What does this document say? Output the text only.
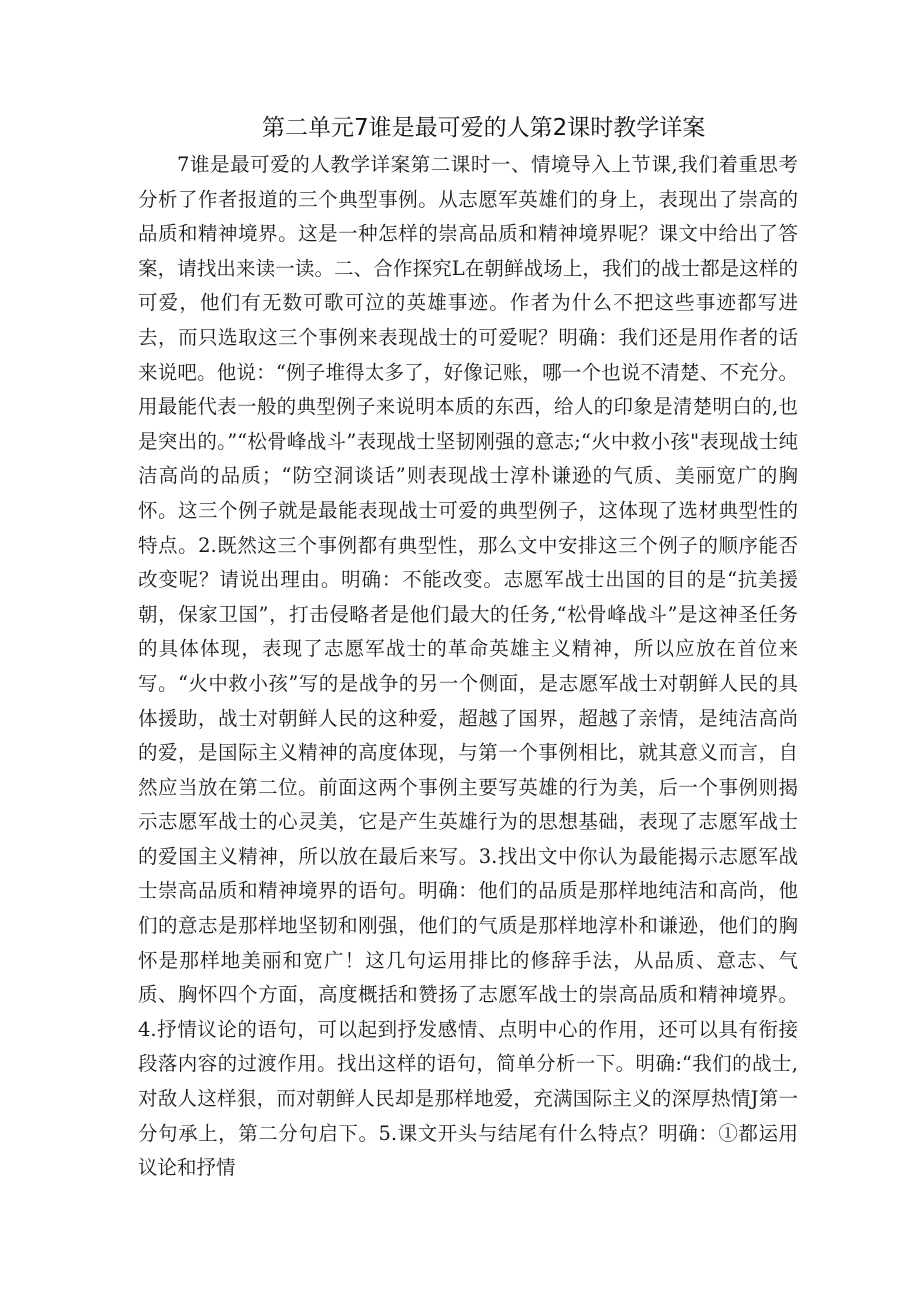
第二单元7谁是最可爱的人第2课时教学详案

7谁是最可爱的人教学详案第二课时一、情境导入上节课,我们着重思考分析了作者报道的三个典型事例。从志愿军英雄们的身上，表现出了崇高的品质和精神境界。这是一种怎样的崇高品质和精神境界呢？课文中给出了答案，请找出来读一读。二、合作探究L在朝鲜战场上，我们的战士都是这样的可爱，他们有无数可歌可泣的英雄事迹。作者为什么不把这些事迹都写进去，而只选取这三个事例来表现战士的可爱呢？明确：我们还是用作者的话来说吧。他说：“例子堆得太多了，好像记账，哪一个也说不清楚、不充分。用最能代表一般的典型例子来说明本质的东西，给人的印象是清楚明白的,也是突出的。”“松骨峰战斗”表现战士坚韧刚强的意志;“火中救小孩"表现战士纯洁高尚的品质；“防空洞谈话”则表现战士淳朴谦逊的气质、美丽宽广的胸怀。这三个例子就是最能表现战士可爱的典型例子，这体现了选材典型性的特点。2.既然这三个事例都有典型性，那么文中安排这三个例子的顺序能否改变呢？请说出理由。明确：不能改变。志愿军战士出国的目的是“抗美援朝，保家卫国”，打击侵略者是他们最大的任务,“松骨峰战斗”是这神圣任务的具体体现，表现了志愿军战士的革命英雄主义精神，所以应放在首位来写。“火中救小孩”写的是战争的另一个侧面，是志愿军战士对朝鲜人民的具体援助，战士对朝鲜人民的这种爱，超越了国界，超越了亲情，是纯洁高尚的爱，是国际主义精神的高度体现，与第一个事例相比，就其意义而言，自然应当放在第二位。前面这两个事例主要写英雄的行为美，后一个事例则揭示志愿军战士的心灵美，它是产生英雄行为的思想基础，表现了志愿军战士的爱国主义精神，所以放在最后来写。3.找出文中你认为最能揭示志愿军战士崇高品质和精神境界的语句。明确：他们的品质是那样地纯洁和高尚，他们的意志是那样地坚韧和刚强，他们的气质是那样地淳朴和谦逊，他们的胸怀是那样地美丽和宽广！这几句运用排比的修辞手法，从品质、意志、气质、胸怀四个方面，高度概括和赞扬了志愿军战士的崇高品质和精神境界。4.抒情议论的语句，可以起到抒发感情、点明中心的作用，还可以具有衔接段落内容的过渡作用。找出这样的语句，简单分析一下。明确:“我们的战士,对敌人这样狠，而对朝鲜人民却是那样地爱，充满国际主义的深厚热情J第一分句承上，第二分句启下。5.课文开头与结尾有什么特点？明确：①都运用议论和抒情
